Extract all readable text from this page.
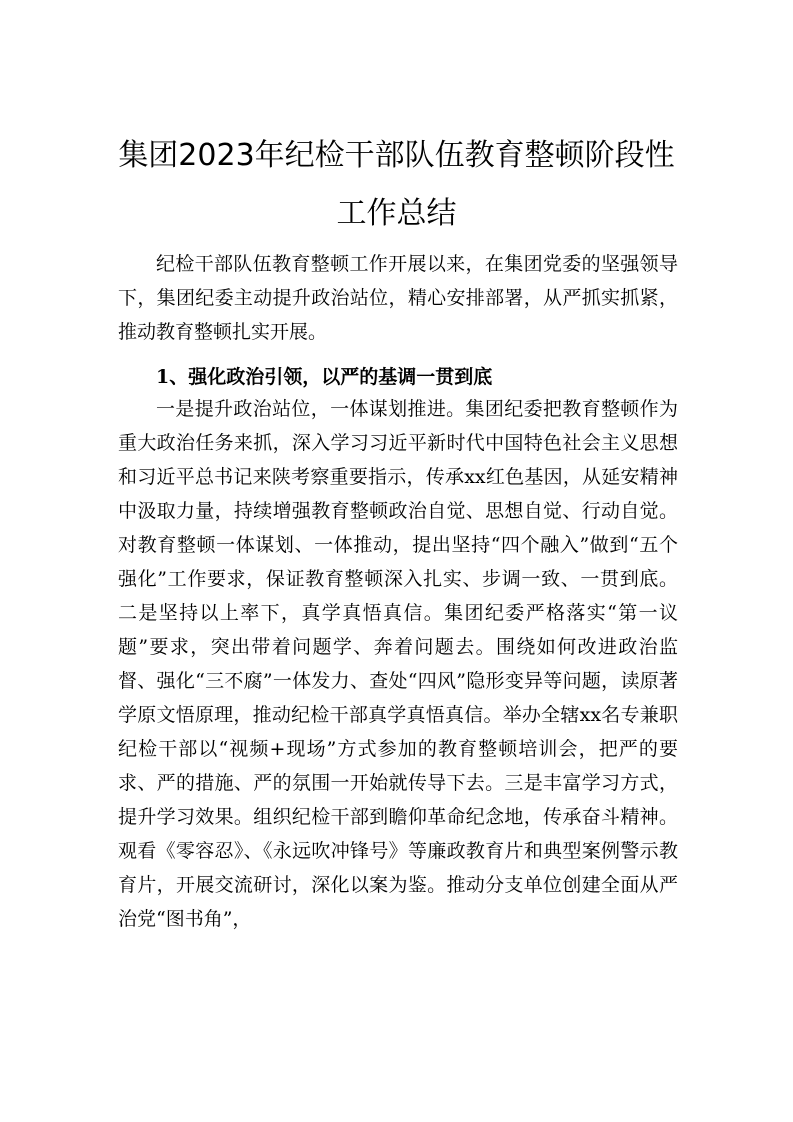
集团2023年纪检干部队伍教育整顿阶段性
工作总结

纪检干部队伍教育整顿工作开展以来，在集团党委的坚强领导下，集团纪委主动提升政治站位，精心安排部署，从严抓实抓紧，推动教育整顿扎实开展。

1、强化政治引领，以严的基调一贯到底

一是提升政治站位，一体谋划推进。集团纪委把教育整顿作为重大政治任务来抓，深入学习习近平新时代中国特色社会主义思想和习近平总书记来陕考察重要指示，传承xx红色基因，从延安精神中汲取力量，持续增强教育整顿政治自觉、思想自觉、行动自觉。对教育整顿一体谋划、一体推动，提出坚持“四个融入”做到“五个强化”工作要求，保证教育整顿深入扎实、步调一致、一贯到底。二是坚持以上率下，真学真悟真信。集团纪委严格落实“第一议题”要求，突出带着问题学、奔着问题去。围绕如何改进政治监督、强化“三不腐”一体发力、查处“四风”隐形变异等问题，读原著学原文悟原理，推动纪检干部真学真悟真信。举办全辖xx名专兼职纪检干部以“视频+现场”方式参加的教育整顿培训会，把严的要求、严的措施、严的氛围一开始就传导下去。三是丰富学习方式，提升学习效果。组织纪检干部到瞻仰革命纪念地，传承奋斗精神。观看《零容忍》、《永远吹冲锋号》等廉政教育片和典型案例警示教育片，开展交流研讨，深化以案为鉴。推动分支单位创建全面从严治党“图书角”，
